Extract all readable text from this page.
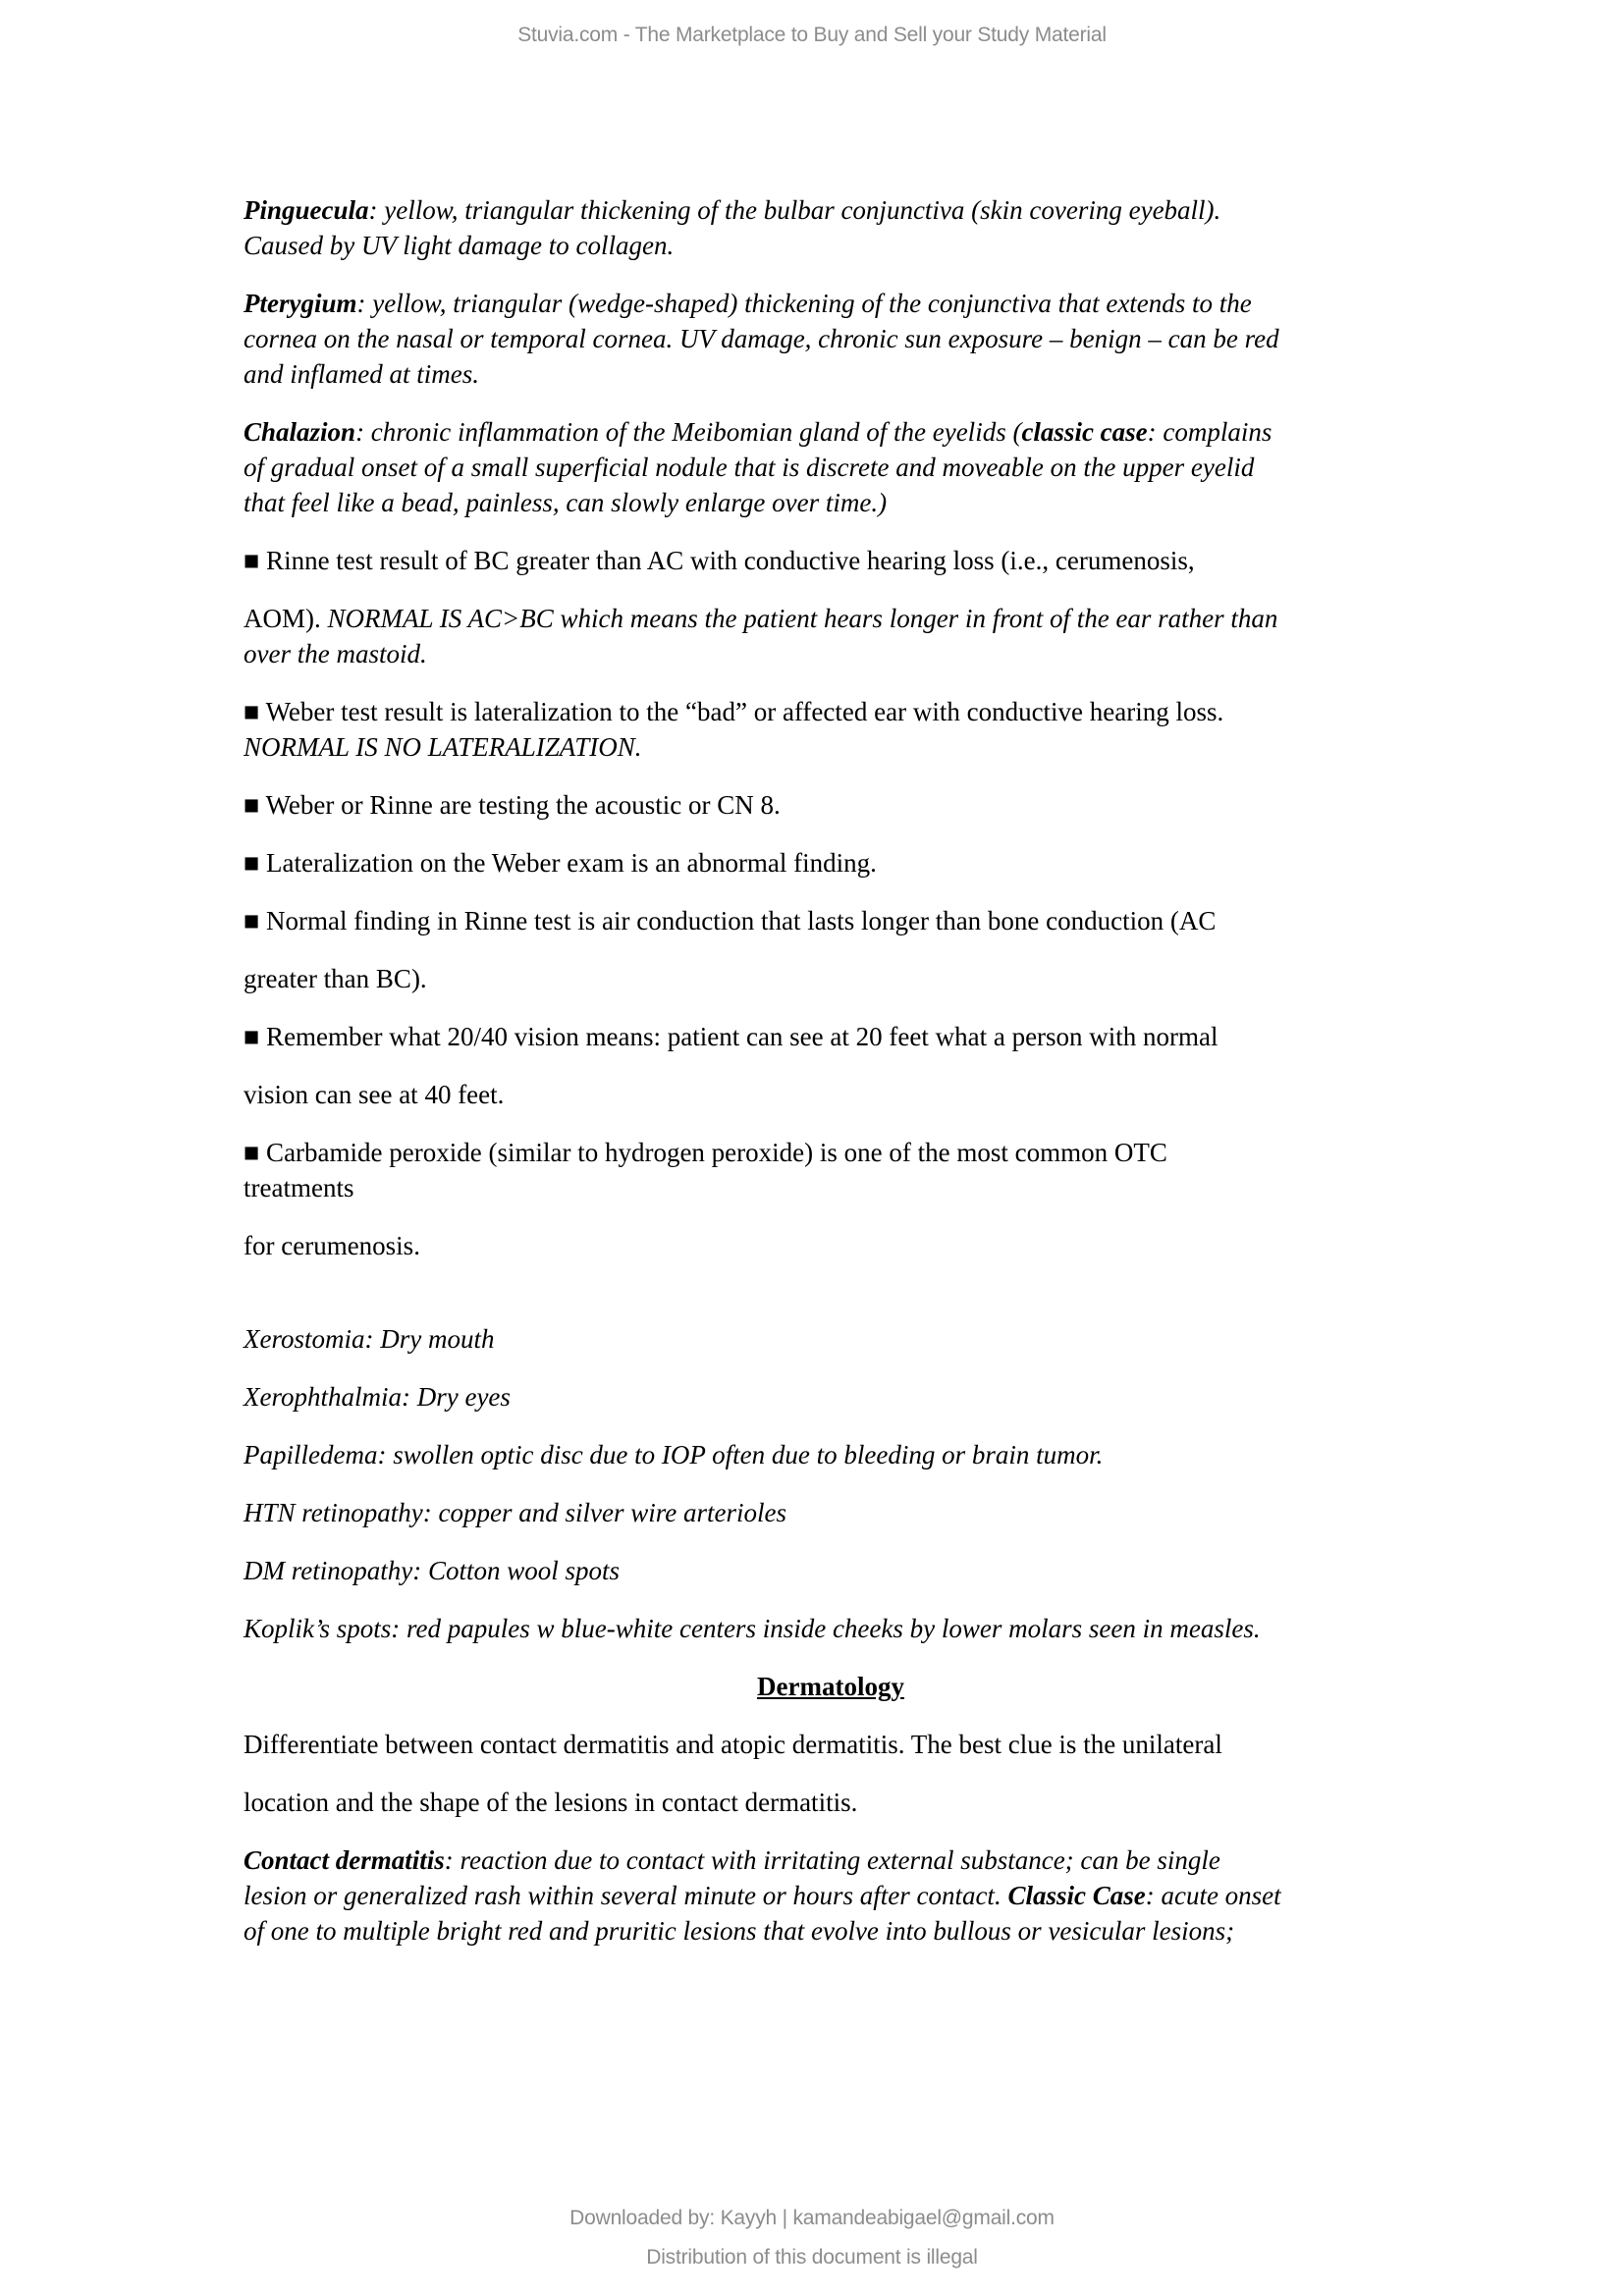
Stuvia.com - The Marketplace to Buy and Sell your Study Material
Pinguecula: yellow, triangular thickening of the bulbar conjunctiva (skin covering eyeball).
Caused by UV light damage to collagen.
Pterygium: yellow, triangular (wedge-shaped) thickening of the conjunctiva that extends to the
cornea on the nasal or temporal cornea. UV damage, chronic sun exposure – benign – can be red
and inflamed at times.
Chalazion: chronic inflammation of the Meibomian gland of the eyelids (classic case: complains
of gradual onset of a small superficial nodule that is discrete and moveable on the upper eyelid
that feel like a bead, painless, can slowly enlarge over time.)
■ Rinne test result of BC greater than AC with conductive hearing loss (i.e., cerumenosis,
AOM). NORMAL IS AC>BC which means the patient hears longer in front of the ear rather than
over the mastoid.
■ Weber test result is lateralization to the “bad” or affected ear with conductive hearing loss.
NORMAL IS NO LATERALIZATION.
■ Weber or Rinne are testing the acoustic or CN 8.
■ Lateralization on the Weber exam is an abnormal finding.
■ Normal finding in Rinne test is air conduction that lasts longer than bone conduction (AC
greater than BC).
■ Remember what 20/40 vision means: patient can see at 20 feet what a person with normal
vision can see at 40 feet.
■ Carbamide peroxide (similar to hydrogen peroxide) is one of the most common OTC
treatments
for cerumenosis.
Xerostomia: Dry mouth
Xerophthalmia: Dry eyes
Papilledema: swollen optic disc due to IOP often due to bleeding or brain tumor.
HTN retinopathy: copper and silver wire arterioles
DM retinopathy: Cotton wool spots
Koplik’s spots: red papules w blue-white centers inside cheeks by lower molars seen in measles.
Dermatology
Differentiate between contact dermatitis and atopic dermatitis. The best clue is the unilateral
location and the shape of the lesions in contact dermatitis.
Contact dermatitis: reaction due to contact with irritating external substance; can be single
lesion or generalized rash within several minute or hours after contact. Classic Case: acute onset
of one to multiple bright red and pruritic lesions that evolve into bullous or vesicular lesions;
Downloaded by: Kayyh | kamandeabigael@gmail.com
Distribution of this document is illegal
